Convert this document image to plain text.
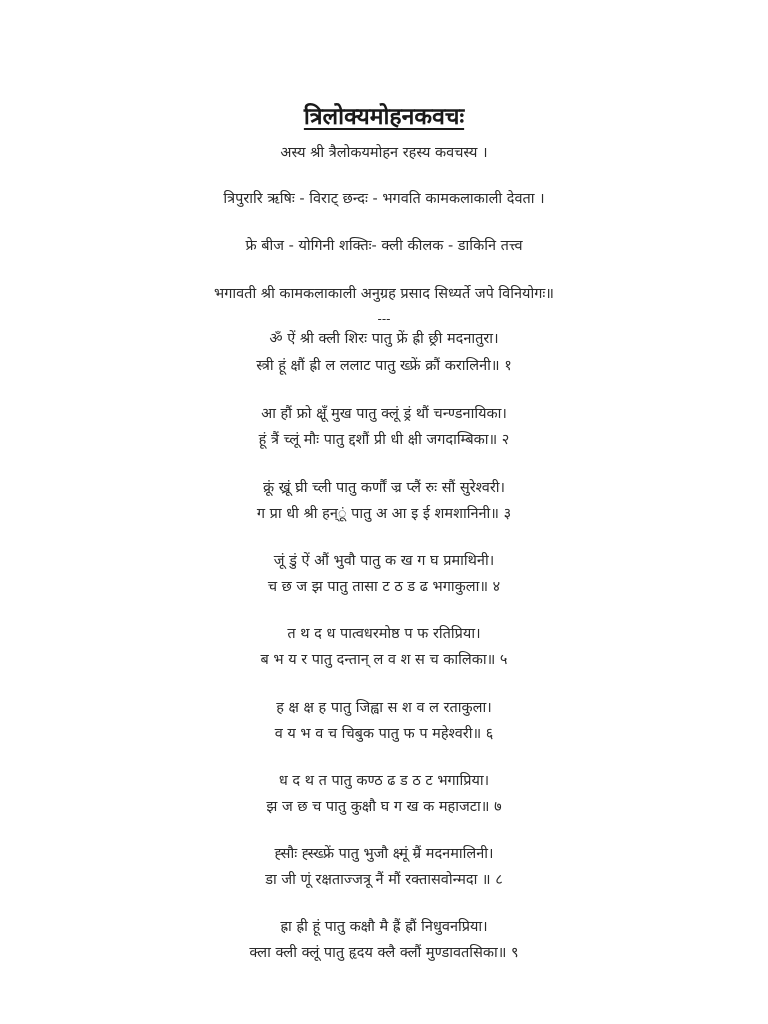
त्रिलोक्यमोहनकवचः
अस्य श्री त्रैलोकयमोहन रहस्य कवचस्य ।
त्रिपुरारि ऋषिः - विराट् छन्दः - भगवति कामकलाकाली देवता ।
फ्रे बीज - योगिनी शक्तिः- क्ली कीलक - डाकिनि तत्त्व
भगावती श्री कामकलाकाली अनुग्रह प्रसाद सिध्यर्ते जपे विनियोगः॥
---
ॐ ऐं श्री क्ली शिरः पातु फ्रें ह्री छ्री मदनातुरा।
स्त्री हूं क्षौं ह्री ल ललाट पातु ख्फ्रें क्रौं करालिनी॥ १
आ हौं फ्रो क्षूँ मुख पातु क्लूं ड्रं थौं चन्ण्डनायिका।
हूं त्रैं च्लूं मौः पातु द्दशौं प्री धी क्षी जगदाम्बिका॥ २
क्रूं ख्रूं घ्री च्ली पातु कर्णौं ज्र प्लैं रुः सौं सुरेश्वरी।
ग प्रा धी श्री हन्ूं पातु अ आ इ ई शमशानिनी॥ ३
जूं डुं ऐं औं भुवौ पातु क ख ग घ प्रमाथिनी।
च छ ज झ पातु तासा ट ठ ड ढ भगाकुला॥ ४
त थ द ध पात्वधरमोष्ठ प फ रतिप्रिया।
ब भ य र पातु दन्तान् ल व श स च कालिका॥ ५
ह क्ष क्ष ह पातु जिह्वा स श व ल रताकुला।
व य भ व च चिबुक पातु फ प महेश्वरी॥ ६
ध द थ त पातु कण्ठ ढ ड ठ ट भगाप्रिया।
झ ज छ च पातु कुक्षौ घ ग ख क महाजटा॥ ७
ह्सौः ह्स्ख्फ्रें पातु भुजौ क्ष्मूं म्रैं मदनमालिनी।
डा जी णूं रक्षताज्जत्रू नैं मौं रक्तासवोन्मदा ॥ ८
ह्रा ह्री हूं पातु कक्षौ मै ह्रैं ह्रौं निधुवनप्रिया।
क्ला क्ली क्लूं पातु हृदय क्लै क्लौं मुण्डावतसिका॥ ९
